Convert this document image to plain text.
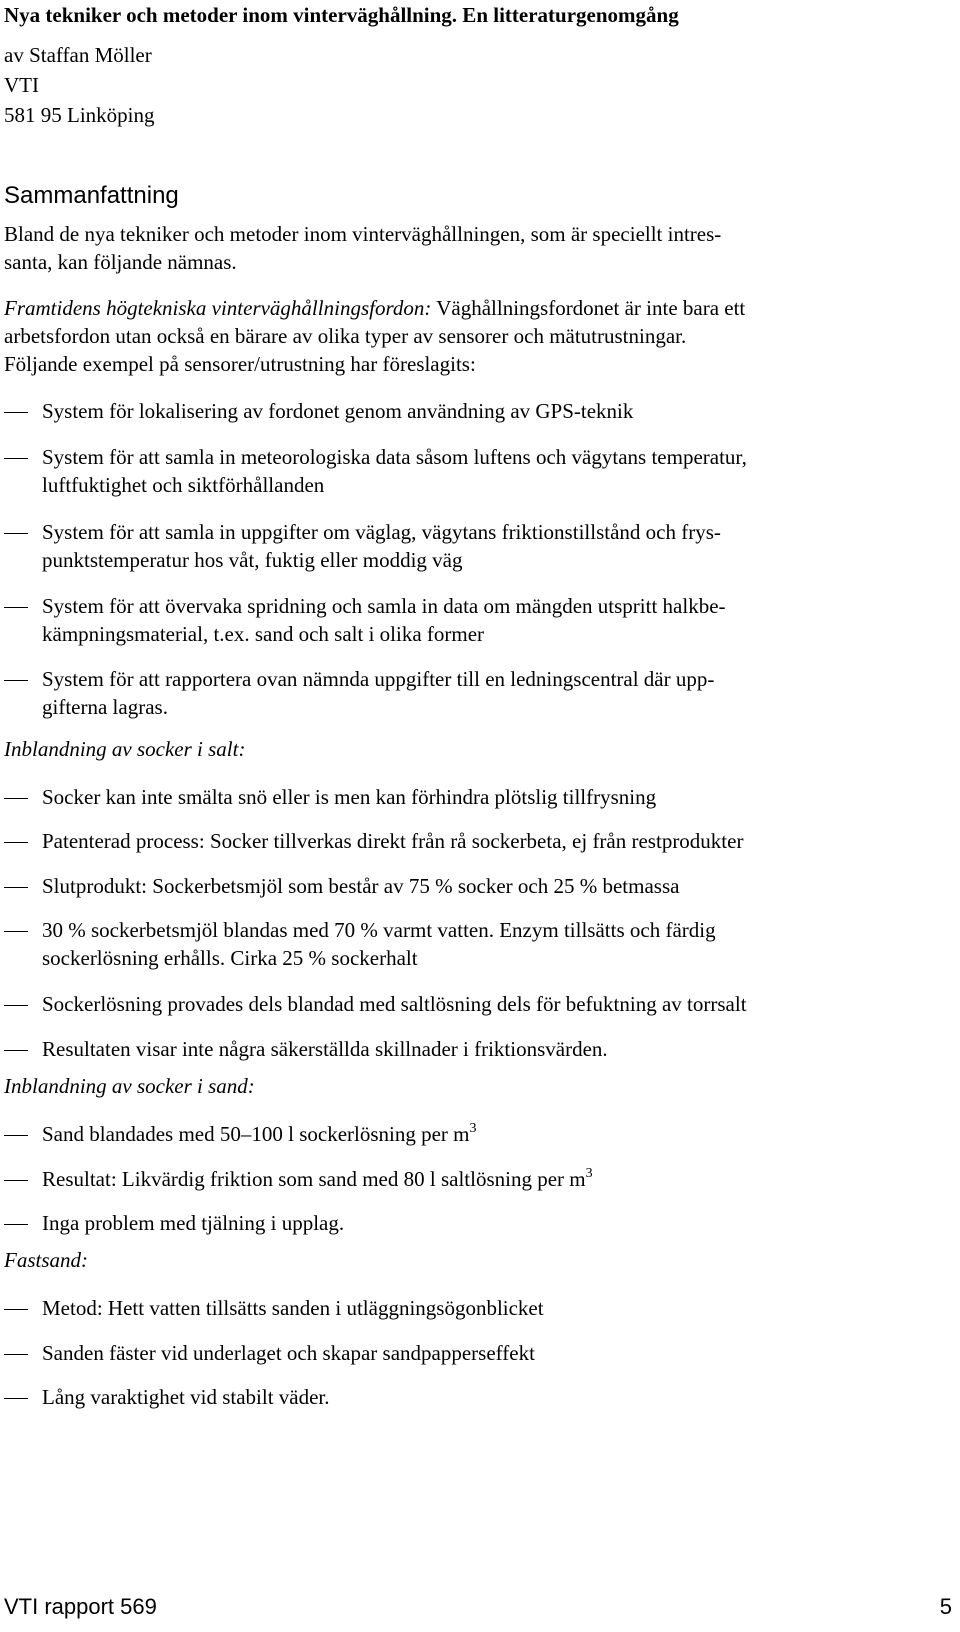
Nya tekniker och metoder inom vinterväghållning. En litteraturgenomgång
av Staffan Möller
VTI
581 95 Linköping
Sammanfattning
Bland de nya tekniker och metoder inom vinterväghållningen, som är speciellt intres-
santa, kan följande nämnas.
Framtidens högtekniska vinterväghållningsfordon: Väghållningsfordonet är inte bara ett
arbetsfordon utan också en bärare av olika typer av sensorer och mätutrustningar.
Följande exempel på sensorer/utrustning har föreslagits:
System för lokalisering av fordonet genom användning av GPS-teknik
System för att samla in meteorologiska data såsom luftens och vägytans temperatur,
luftfuktighet och siktförhållanden
System för att samla in uppgifter om väglag, vägytans friktionstillstånd och frys-
punktstemperatur hos våt, fuktig eller moddig väg
System för att övervaka spridning och samla in data om mängden utspritt halkbe-
kämpningsmaterial, t.ex. sand och salt i olika former
System för att rapportera ovan nämnda uppgifter till en ledningscentral där upp-
gifterna lagras.
Inblandning av socker i salt:
Socker kan inte smälta snö eller is men kan förhindra plötslig tillfrysning
Patenterad process: Socker tillverkas direkt från rå sockerbeta, ej från restprodukter
Slutprodukt: Sockerbetsmjöl som består av 75 % socker och 25 % betmassa
30 % sockerbetsmjöl blandas med 70 % varmt vatten. Enzym tillsätts och färdig
sockerlösning erhålls. Cirka 25 % sockerhalt
Sockerlösning provades dels blandad med saltlösning dels för befuktning av torrsalt
Resultaten visar inte några säkerställda skillnader i friktionsvärden.
Inblandning av socker i sand:
Sand blandades med 50–100 l sockerlösning per $m^3$
Resultat: Likvärdig friktion som sand med 80 l saltlösning per $m^3$
Inga problem med tjälning i upplag.
Fastsand:
Metod: Hett vatten tillsätts sanden i utläggningsögonblicket
Sanden fäster vid underlaget och skapar sandpapperseffekt
Lång varaktighet vid stabilt väder.
VTI rapport 569	5
